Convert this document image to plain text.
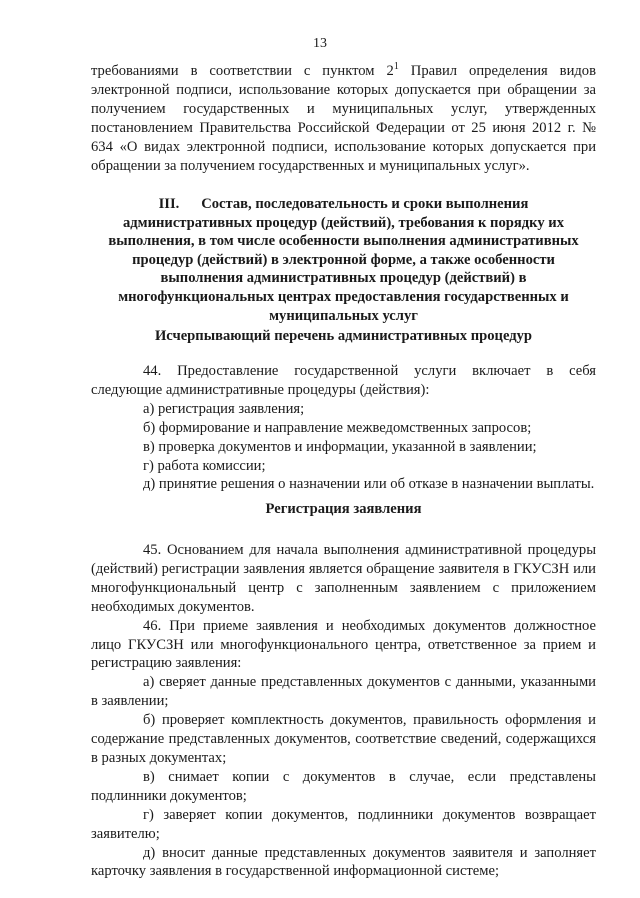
13
требованиями в соответствии с пунктом $2^1$ Правил определения видов электронной подписи, использование которых допускается при обращении за получением государственных и муниципальных услуг, утвержденных постановлением Правительства Российской Федерации от 25 июня 2012 г. № 634 «О видах электронной подписи, использование которых допускается при обращении за получением государственных и муниципальных услуг».

III.      Состав, последовательность и сроки выполнения

административных процедур (действий), требования к порядку их выполнения, в том числе особенности выполнения административных процедур (действий) в электронной форме, а также особенности выполнения административных процедур (действий) в многофункциональных центрах предоставления государственных и муниципальных услуг

Исчерпывающий перечень административных процедур

44. Предоставление государственной услуги включает в себя следующие административные процедуры (действия):

а) регистрация заявления;

б) формирование и направление межведомственных запросов;

в) проверка документов и информации, указанной в заявлении;

г) работа комиссии;

д) принятие решения о назначении или об отказе в назначении выплаты.

Регистрация заявления

45. Основанием для начала выполнения административной процедуры (действий) регистрации заявления является обращение заявителя в ГКУСЗН или многофункциональный центр с заполненным заявлением с приложением необходимых документов.

46. При приеме заявления и необходимых документов должностное лицо ГКУСЗН или многофункционального центра, ответственное за прием и регистрацию заявления:

а) сверяет данные представленных документов с данными, указанными в заявлении;

б) проверяет комплектность документов, правильность оформления и содержание представленных документов, соответствие сведений, содержащихся в разных документах;

в) снимает копии с документов в случае, если представлены подлинники документов;

г) заверяет копии документов, подлинники документов возвращает заявителю;

д) вносит данные представленных документов заявителя и заполняет карточку заявления в государственной информационной системе;
